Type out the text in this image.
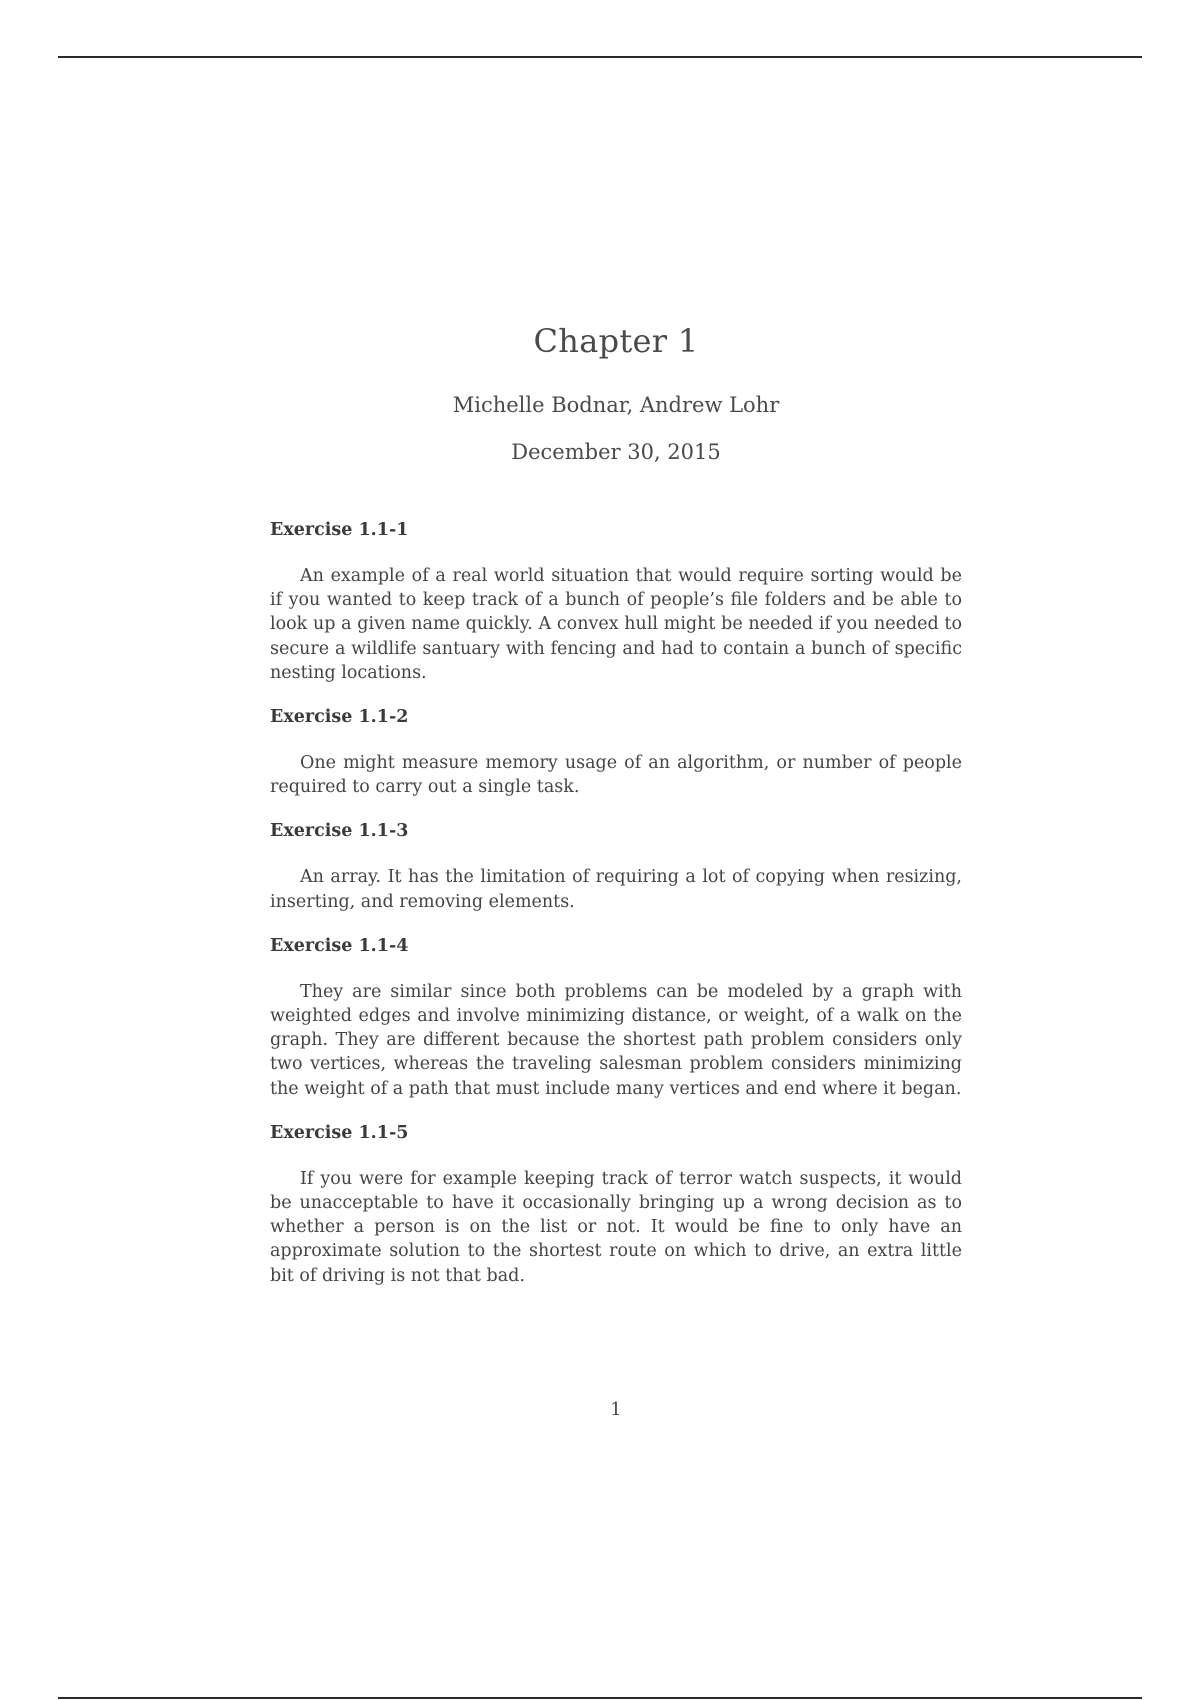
Chapter 1
Michelle Bodnar, Andrew Lohr
December 30, 2015
Exercise 1.1-1

An example of a real world situation that would require sorting would be if you wanted to keep track of a bunch of people’s file folders and be able to look up a given name quickly. A convex hull might be needed if you needed to secure a wildlife santuary with fencing and had to contain a bunch of specific nesting locations.

Exercise 1.1-2

One might measure memory usage of an algorithm, or number of people required to carry out a single task.

Exercise 1.1-3

An array. It has the limitation of requiring a lot of copying when resizing, inserting, and removing elements.

Exercise 1.1-4

They are similar since both problems can be modeled by a graph with weighted edges and involve minimizing distance, or weight, of a walk on the graph. They are different because the shortest path problem considers only two vertices, whereas the traveling salesman problem considers minimizing the weight of a path that must include many vertices and end where it began.

Exercise 1.1-5

If you were for example keeping track of terror watch suspects, it would be unacceptable to have it occasionally bringing up a wrong decision as to whether a person is on the list or not. It would be fine to only have an approximate solution to the shortest route on which to drive, an extra little bit of driving is not that bad.

1
